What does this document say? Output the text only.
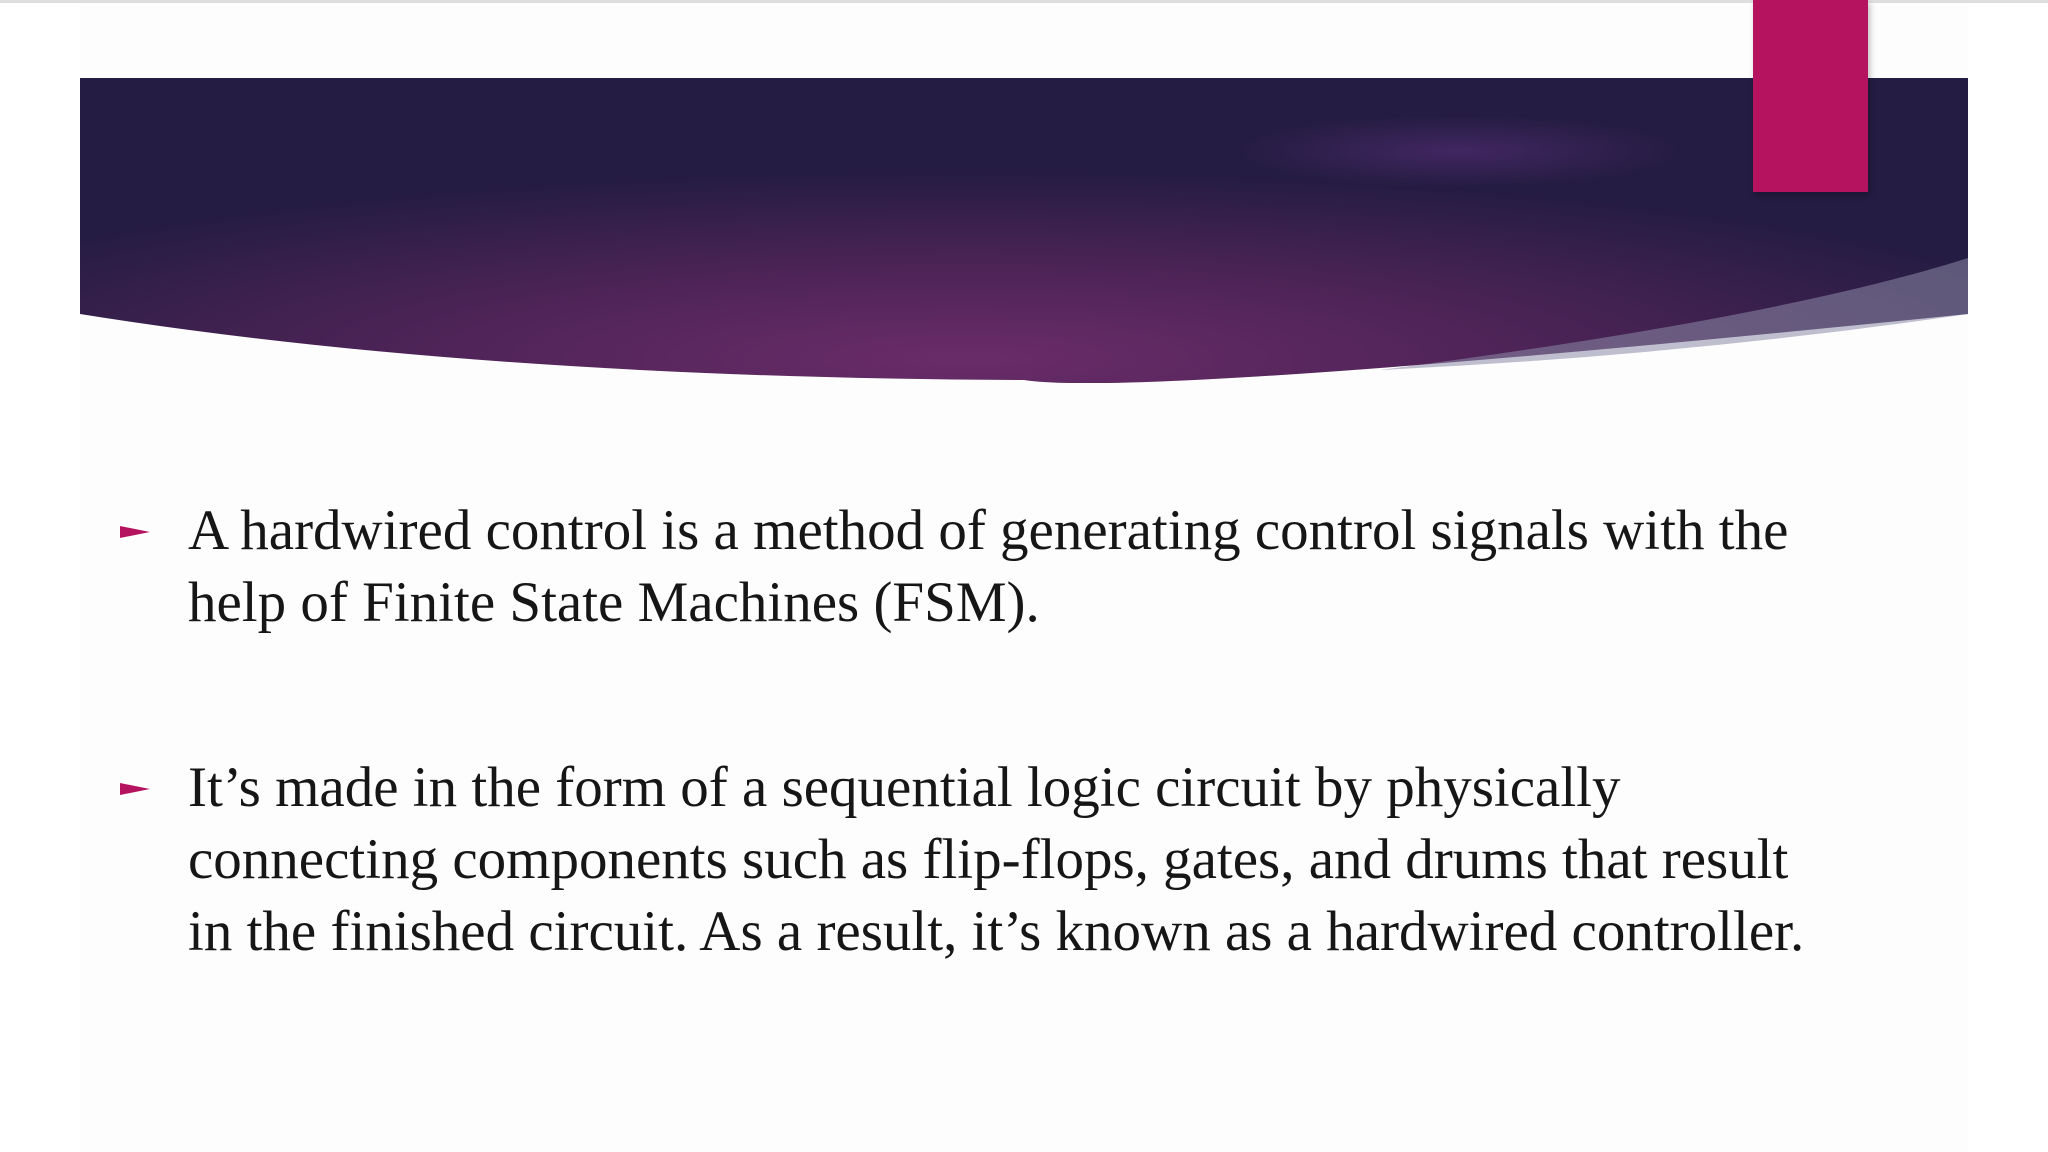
A hardwired control is a method of generating control signals with the help of Finite State Machines (FSM).
It’s made in the form of a sequential logic circuit by physically connecting components such as flip-flops, gates, and drums that result in the finished circuit. As a result, it’s known as a hardwired controller.
